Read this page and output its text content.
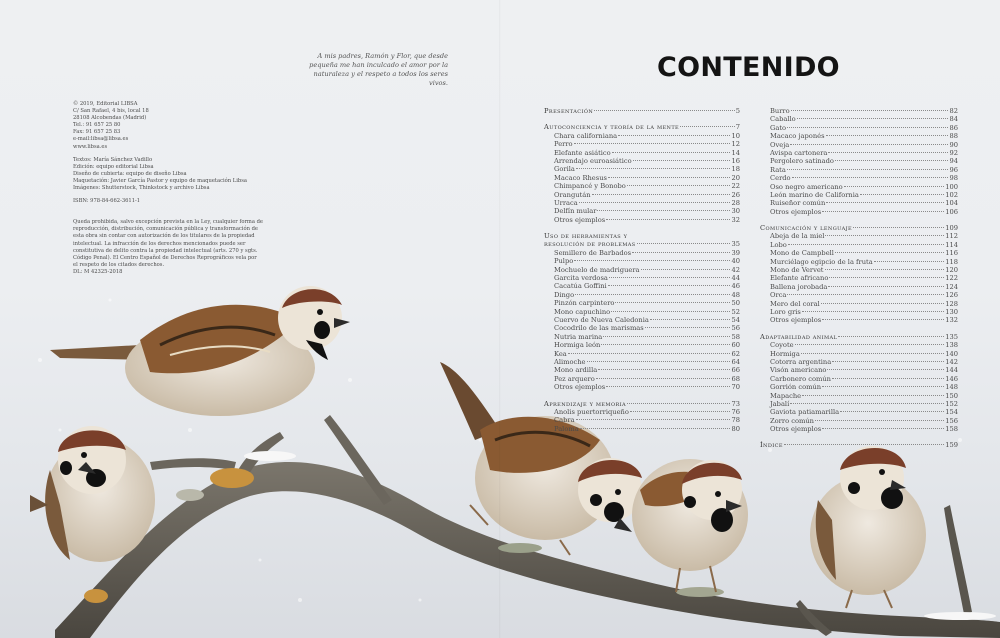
A mis padres, Ramón y Flor, que desde pequeña me han inculcado el amor por la naturaleza y el respeto a todos los seres vivos.
© 2019, Editorial LIBSA
C/ San Rafael, 4 bis, local 18
28108 Alcobendas (Madrid)
Tel.: 91 657 25 80
Fax: 91 657 25 83
e-mail:libsa@libsa.es
www.libsa.es
Textos: María Sánchez Vadillo
Edición: equipo editorial Libsa
Diseño de cubierta: equipo de diseño Libsa
Maquetación: Javier García Pastor y equipo de maquetación Libsa
Imágenes: Shutterstock, Thinkstock y archivo Libsa
ISBN: 978-84-662-3611-1
Queda prohibida, salvo excepción prevista en la Ley, cualquier forma de reproducción, distribución, comunicación pública y transformación de esta obra sin contar con autorización de los titulares de la propiedad intelectual. La infracción de los derechos mencionados puede ser constitutiva de delito contra la propiedad intelectual (arts. 270 y sgts. Código Penal). El Centro Español de Derechos Reprográficos vela por el respeto de los citados derechos.
DL: M 42325-2018
CONTENIDO
Presentación	5
Autoconciencia y teoría de la mente	7
Chara californiana	10
Perro	12
Elefante asiático	14
Arrendajo euroasiático	16
Gorila	18
Macaco Rhesus	20
Chimpancé y Bonobo	22
Orangután	26
Urraca	28
Delfín mular	30
Otros ejemplos	32
Uso de herramientas y
resolución de problemas	35
Semillero de Barbados	39
Pulpo	40
Mochuelo de madriguera	42
Garcita verdosa	44
Cacatúa Goffini	46
Dingo	48
Pinzón carpintero	50
Mono capuchino	52
Cuervo de Nueva Caledonia	54
Cocodrilo de las marismas	56
Nutria marina	58
Hormiga león	60
Kea	62
Alimoche	64
Mono ardilla	66
Pez arquero	68
Otros ejemplos	70
Aprendizaje y memoria	73
Anolis puertorriqueño	76
Cabra	78
Paloma	80
Burro	82
Caballo	84
Gato	86
Macaco japonés	88
Oveja	90
Avispa cartonera	92
Pergolero satinado	94
Rata	96
Cerdo	98
Oso negro americano	100
León marino de California	102
Ruiseñor común	104
Otros ejemplos	106
Comunicación y lenguaje	109
Abeja de la miel	112
Lobo	114
Mono de Campbell	116
Murciélago egipcio de la fruta	118
Mono de Vervet	120
Elefante africano	122
Ballena jorobada	124
Orca	126
Mero del coral	128
Loro gris	130
Otros ejemplos	132
Adaptabilidad animal	135
Coyote	138
Hormiga	140
Cotorra argentina	142
Visón americano	144
Carbonero común	146
Gorrión común	148
Mapache	150
Jabalí	152
Gaviota patiamarilla	154
Zorro común	156
Otros ejemplos	158
Índice	159
